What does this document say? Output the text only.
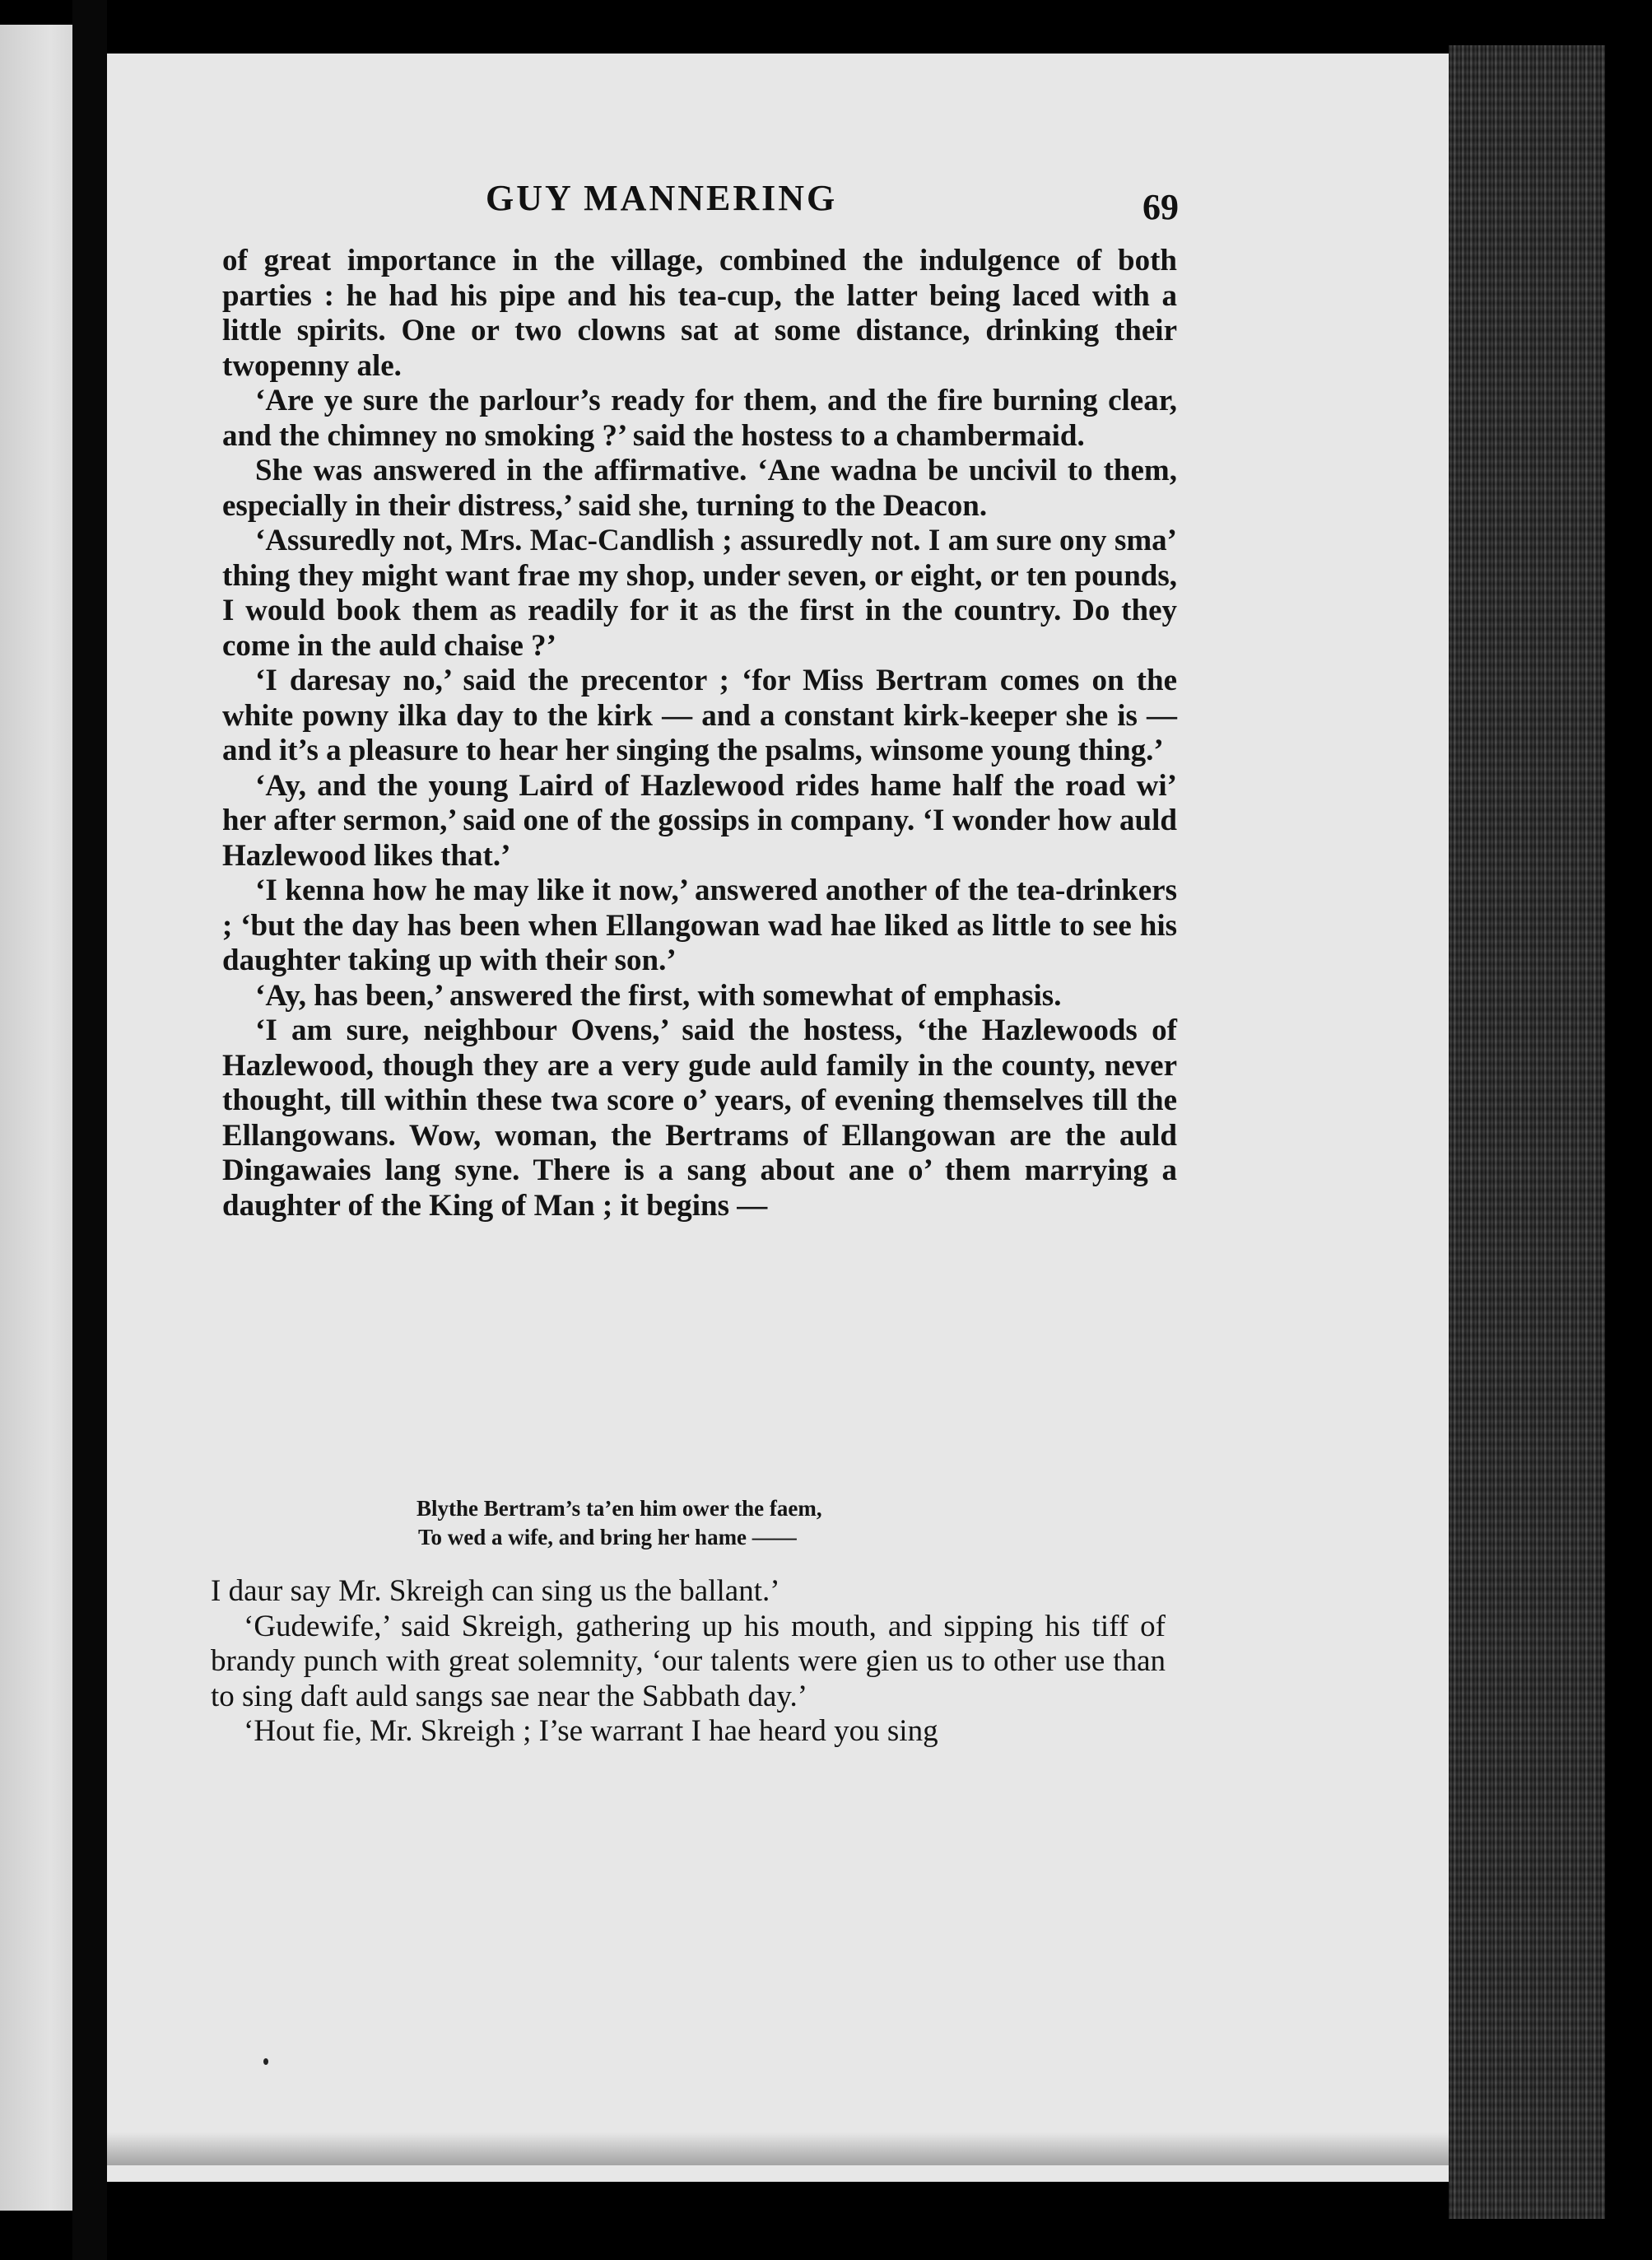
GUY MANNERING	69

of great importance in the village, combined the indulgence of both parties : he had his pipe and his tea-cup, the latter being laced with a little spirits. One or two clowns sat at some distance, drinking their twopenny ale.

‘Are ye sure the parlour’s ready for them, and the fire burning clear, and the chimney no smoking ?’ said the hostess to a chambermaid.

She was answered in the affirmative. ‘Ane wadna be uncivil to them, especially in their distress,’ said she, turning to the Deacon.

‘Assuredly not, Mrs. Mac-Candlish ; assuredly not. I am sure ony sma’ thing they might want frae my shop, under seven, or eight, or ten pounds, I would book them as readily for it as the first in the country. Do they come in the auld chaise ?’

‘I daresay no,’ said the precentor ; ‘for Miss Bertram comes on the white powny ilka day to the kirk — and a constant kirk-keeper she is — and it’s a pleasure to hear her singing the psalms, winsome young thing.’

‘Ay, and the young Laird of Hazlewood rides hame half the road wi’ her after sermon,’ said one of the gossips in company. ‘I wonder how auld Hazlewood likes that.’

‘I kenna how he may like it now,’ answered another of the tea-drinkers ; ‘but the day has been when Ellangowan wad hae liked as little to see his daughter taking up with their son.’

‘Ay, has been,’ answered the first, with somewhat of emphasis.

‘I am sure, neighbour Ovens,’ said the hostess, ‘the Hazlewoods of Hazlewood, though they are a very gude auld family in the county, never thought, till within these twa score o’ years, of evening themselves till the Ellangowans. Wow, woman, the Bertrams of Ellangowan are the auld Dingawaies lang syne. There is a sang about ane o’ them marrying a daughter of the King of Man ; it begins —

Blythe Bertram’s ta’en him ower the faem,
To wed a wife, and bring her hame ——

I daur say Mr. Skreigh can sing us the ballant.’

‘Gudewife,’ said Skreigh, gathering up his mouth, and sipping his tiff of brandy punch with great solemnity, ‘our talents were gien us to other use than to sing daft auld sangs sae near the Sabbath day.’

‘Hout fie, Mr. Skreigh ; I’se warrant I hae heard you sing
